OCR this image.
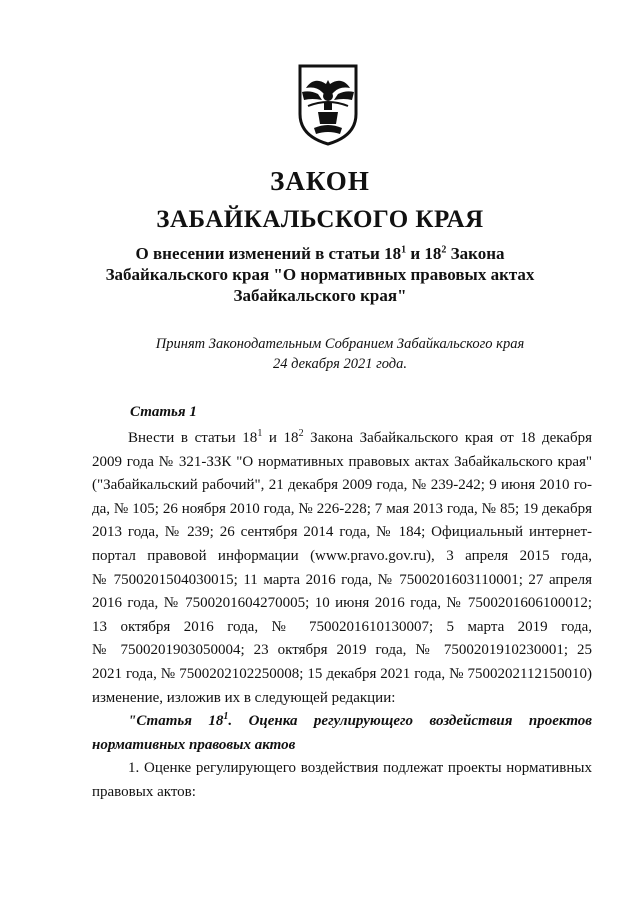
ЗАКОН
ЗАБАЙКАЛЬСКОГО КРАЯ
О внесении изменений в статьи $18^1$ и $18^2$ Закона
Забайкальского края "О нормативных правовых актах
Забайкальского края"
Принят Законодательным Собранием Забайкальского края
24 декабря 2021 года.
Статья 1
Внести в статьи $18^1$ и $18^2$ Закона Забайкальского края от 18 декабря
2009 года № 321-ЗЗК "О нормативных правовых актах Забайкальского края"
("Забайкальский рабочий", 21 декабря 2009 года, № 239-242; 9 июня 2010 го-
да, № 105; 26 ноября 2010 года, № 226-228; 7 мая 2013 года, № 85; 19 декабря
2013 года, № 239; 26 сентября 2014 года, № 184; Официальный интернет-
портал правовой информации (www.pravo.gov.ru), 3 апреля 2015 года,
№ 7500201504030015; 11 марта 2016 года, № 7500201603110001; 27 апреля
2016 года, № 7500201604270005; 10 июня 2016 года, № 7500201606100012;
13 октября 2016 года, № 7500201610130007; 5 марта 2019 года,
№ 7500201903050004; 23 октября 2019 года, № 7500201910230001; 25
2021 года, № 7500202102250008; 15 декабря 2021 года, № 7500202112150010)
изменение, изложив их в следующей редакции:
"Статья $18^1$. Оценка регулирующего воздействия проектов
нормативных правовых актов
1. Оценке регулирующего воздействия подлежат проекты нормативных
правовых актов:
